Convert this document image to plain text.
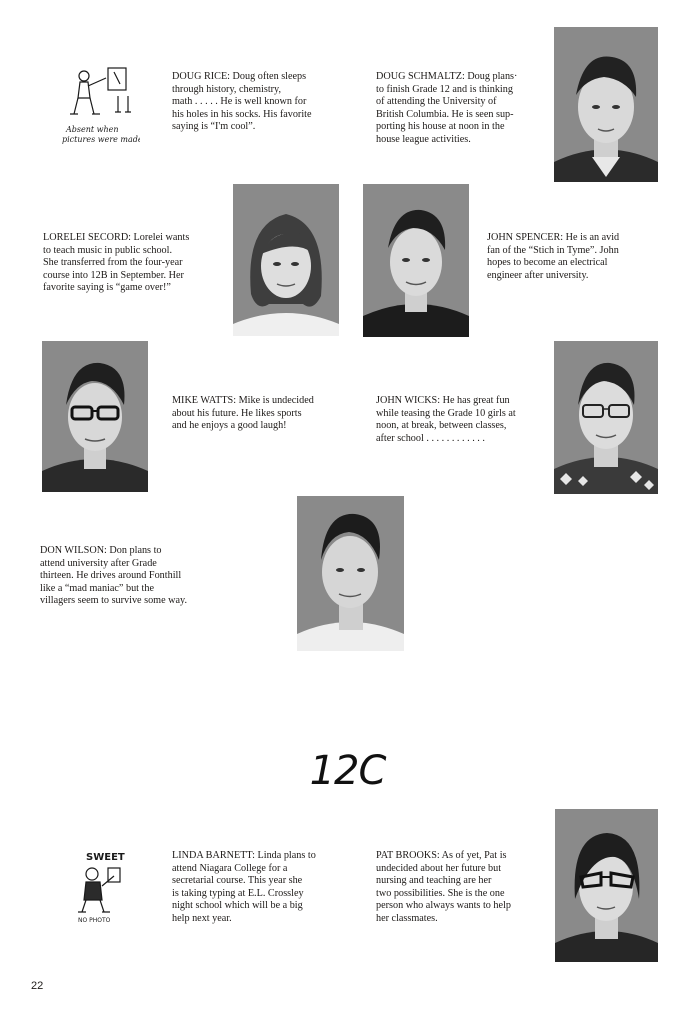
Absent when
pictures were made
DOUG RICE: Doug often sleeps
through history, chemistry,
math . . . . . He is well known for
his holes in his socks. His favorite
saying is “I'm cool”.
DOUG SCHMALTZ: Doug plans·
to finish Grade 12 and is thinking
of attending the University of
British Columbia. He is seen sup-
porting his house at noon in the
house league activities.
LORELEI SECORD: Lorelei wants
to teach music in public school.
She transferred from the four-year
course into 12B in September. Her
favorite saying is “game over!”
JOHN SPENCER: He is an avid
fan of the “Stich in Tyme”. John
hopes to become an electrical
engineer after university.
MIKE WATTS: Mike is undecided
about his future. He likes sports
and he enjoys a good laugh!
JOHN WICKS: He has great fun
while teasing the Grade 10 girls at
noon, at break, between classes,
after school . . . . . . . . . . . .
DON WILSON: Don plans to
attend university after Grade
thirteen. He drives around Fonthill
like a “mad maniac” but the
villagers seem to survive some way.
12C
SWEET
NO PHOTO
LINDA BARNETT: Linda plans to
attend Niagara College for a
secretarial course. This year she
is taking typing at E.L. Crossley
night school which will be a big
help next year.
PAT BROOKS: As of yet, Pat is
undecided about her future but
nursing and teaching are her
two possibilities. She is the one
person who always wants to help
her classmates.
22
